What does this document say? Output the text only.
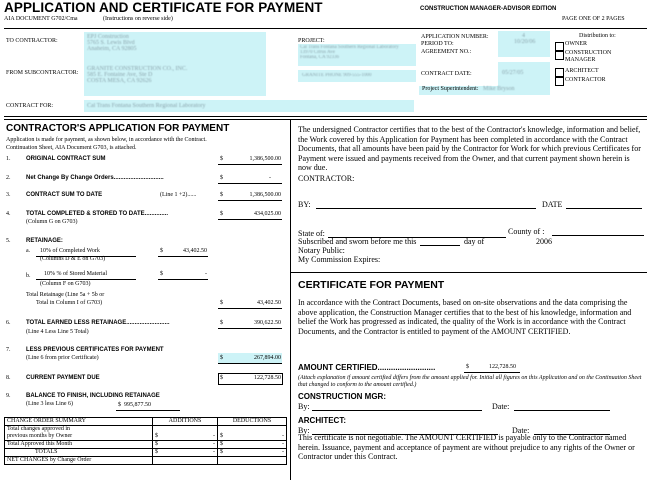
APPLICATION AND CERTIFICATE FOR PAYMENT
AIA DOCUMENT G702/Cmа	(Instructions on reverse side)
CONSTRUCTION MANAGER-ADVISOR EDITION
PAGE ONE OF 2 PAGES
TO CONTRACTOR:
EPJ Construction
5765 S. Lewis Blvd
Anaheim, CA 92805
FROM SUBCONTRACTOR:
GRANITE CONSTRUCTION CO., INC.
585 E. Fontaine Ave, Ste D
COSTA MESA, CA 92626
CONTRACT FOR:	Cal Trans Fontana Southern Regional Laboratory
PROJECT:
Cal Trans Fontana Southern Regional Laboratory
13970 Citrus Ave
Fontana, CA 92336
GRANITE PHONE 909-555-1000
APPLICATION NUMBER:
PERIOD TO:
AGREEMENT NO.:
4
10/20/06
CONTRACT DATE:	05/27/05
Project Superintendent: Mike Bryson
Distribution to:
OWNER
CONSTRUCTION MANAGER
ARCHITECT
CONTRACTOR
CONTRACTOR'S APPLICATION FOR PAYMENT
Application is made for payment, as shown below, in accordance with the Contract.
Continuation Sheet, AIA Document G703, is attached.
1.	ORIGINAL CONTRACT SUM	$	1,386,500.00
2.	Net Change By Change Orders..............................	$	-
3.	CONTRACT SUM TO DATE	(Line 1 +2)......	$	1,386,500.00
4.	TOTAL COMPLETED & STORED TO DATE..............
(Column G on G703)
$	434,025.00
5.	RETAINAGE:
a. 10% of Completed Work
(Columns D & E on G703)
$	43,402.50
b. 10% % of Stored Material
(Column F on G703)
$	-
Total Retainage (Line 5a + 5b or
Total in Column I of G703)	$	43,402.50
6.	TOTAL EARNED LESS RETAINAGE..........................
(Line 4 Less Line 5 Total)
$	390,622.50
7.	LESS PREVIOUS CERTIFICATES FOR PAYMENT
(Line 6 from prior Certificate)	$	267,894.00
8.	CURRENT PAYMENT DUE	$	122,728.50
9.	BALANCE TO FINISH, INCLUDING RETAINAGE
(Line 3 less Line 6)	$ 995,877.50
CHANGE ORDER SUMMARY	ADDITIONS	DEDUCTIONS
Total changes approved in		
previous months by Owner	$ -	$ -

Total Approved this Month	$ -	$ -

TOTALS	$ -	$ -

NET CHANGES by Change Order		
The undersigned Contractor certifies that to the best of the Contractor's knowledge, information and belief, the Work covered by this Application for Payment has been completed in accordance with the Contract Documents, that all amounts have been paid by the Contractor for Work for which previous Certificates for Payment were issued and payments received from the Owner, and that current payment shown herein is now due.
CONTRACTOR:
BY:	DATE
State of:	County of :
Subscribed and sworn before me this	day of	2006
Notary Public:
My Commission Expires:
CERTIFICATE FOR PAYMENT
In accordance with the Contract Documents, based on on-site observations and the data comprising the above application, the Construction Manager certifies that to the best of his knowledge, information and belief the Work has progressed as indicated, the quality of the Work is in accordance with the Contract Documents, and the Contractor is entitled to payment of the AMOUNT CERTIFIED.
AMOUNT CERTIFIED..........................	$	122,728.50
(Attach explanation if amount certified differs from the amount applied for. Initial all figures on this Application and on the Continuation Sheet that changed to conform to the amount certified.)
CONSTRUCTION MGR:
By:	Date:
ARCHITECT:
By:	Date:
This certificate is not negotiable. The AMOUNT CERTIFIED is payable only to the Contractor named herein. Issuance, payment and acceptance of payment are without prejudice to any rights of the Owner or Contractor under this Contract.
